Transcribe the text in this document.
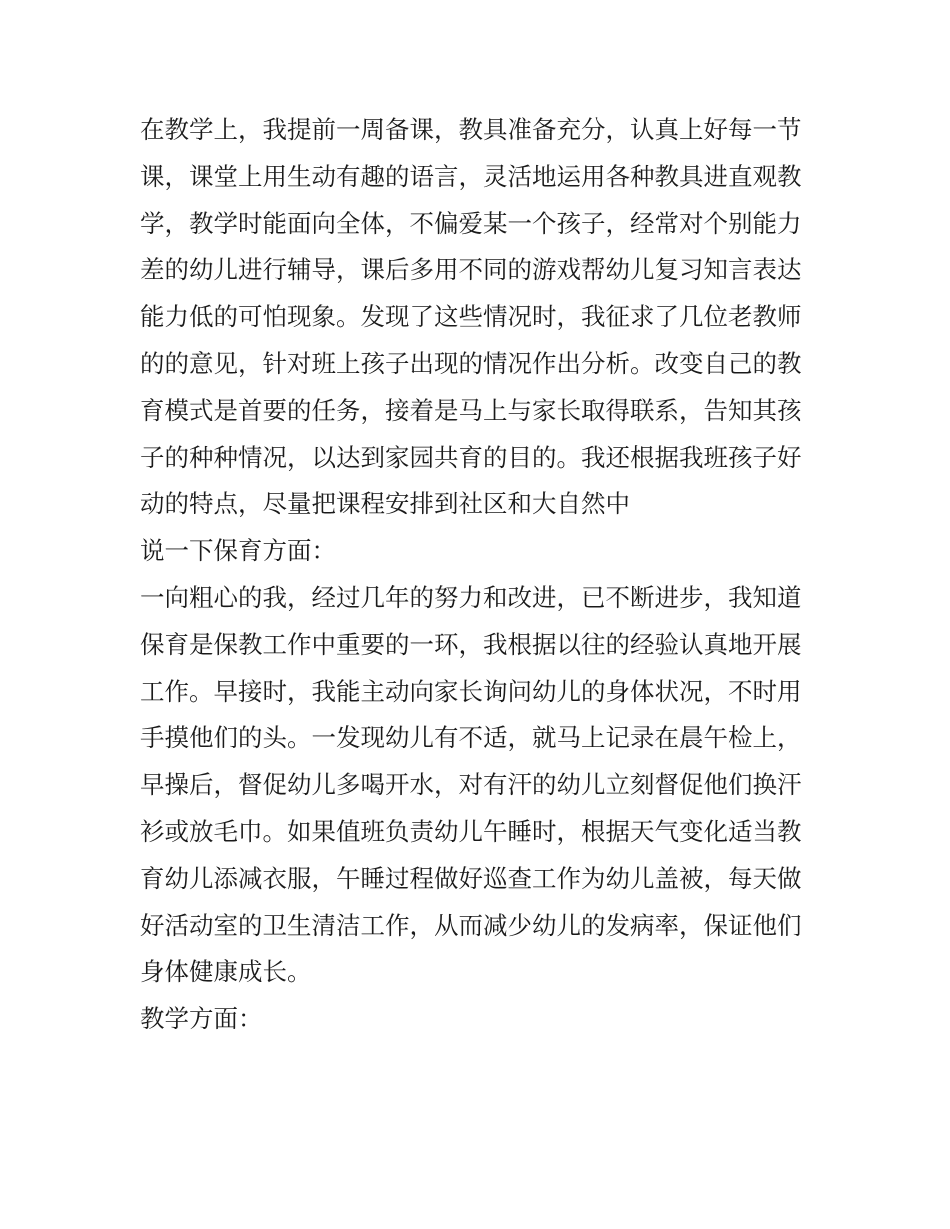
在教学上，我提前一周备课，教具准备充分，认真上好每一节
课，课堂上用生动有趣的语言，灵活地运用各种教具进直观教
学，教学时能面向全体，不偏爱某一个孩子，经常对个别能力
差的幼儿进行辅导，课后多用不同的游戏帮幼儿复习知言表达
能力低的可怕现象。发现了这些情况时，我征求了几位老教师
的的意见，针对班上孩子出现的情况作出分析。改变自己的教
育模式是首要的任务，接着是马上与家长取得联系，告知其孩
子的种种情况，以达到家园共育的目的。我还根据我班孩子好
动的特点，尽量把课程安排到社区和大自然中
说一下保育方面：
一向粗心的我，经过几年的努力和改进，已不断进步，我知道
保育是保教工作中重要的一环，我根据以往的经验认真地开展
工作。早接时，我能主动向家长询问幼儿的身体状况，不时用
手摸他们的头。一发现幼儿有不适，就马上记录在晨午检上，
早操后，督促幼儿多喝开水，对有汗的幼儿立刻督促他们换汗
衫或放毛巾。如果值班负责幼儿午睡时，根据天气变化适当教
育幼儿添减衣服，午睡过程做好巡查工作为幼儿盖被，每天做
好活动室的卫生清洁工作，从而减少幼儿的发病率，保证他们
身体健康成长。
教学方面：
